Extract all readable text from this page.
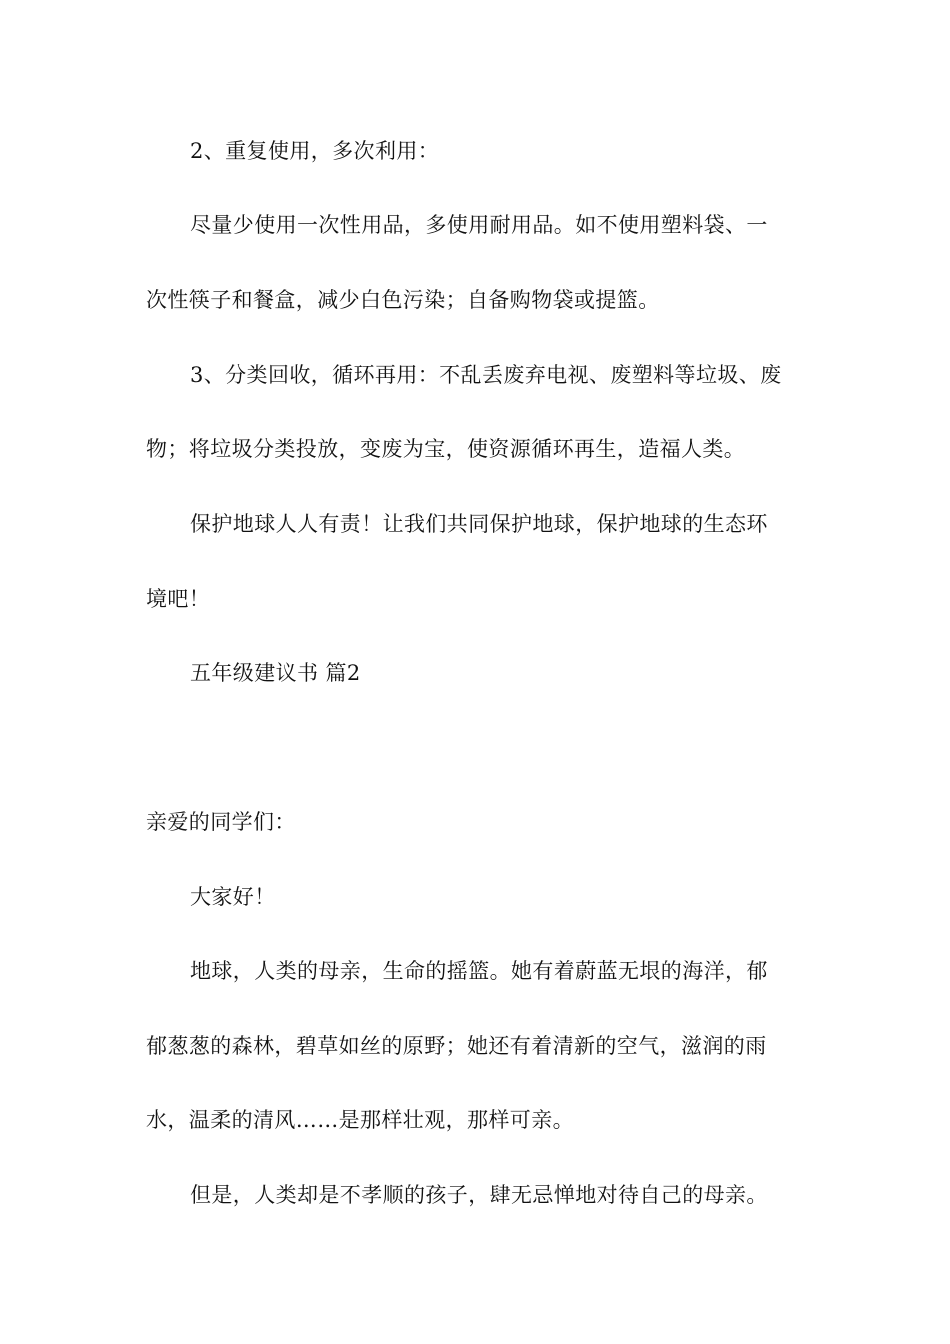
2、重复使用，多次利用：
尽量少使用一次性用品，多使用耐用品。如不使用塑料袋、一
次性筷子和餐盒，减少白色污染；自备购物袋或提篮。
3、分类回收，循环再用：不乱丢废弃电视、废塑料等垃圾、废
物；将垃圾分类投放，变废为宝，使资源循环再生，造福人类。
保护地球人人有责！让我们共同保护地球，保护地球的生态环
境吧！
五年级建议书 篇2
亲爱的同学们：
大家好！
地球，人类的母亲，生命的摇篮。她有着蔚蓝无垠的海洋，郁
郁葱葱的森林，碧草如丝的原野；她还有着清新的空气，滋润的雨
水，温柔的清风……是那样壮观，那样可亲。
但是，人类却是不孝顺的孩子，肆无忌惮地对待自己的母亲。
